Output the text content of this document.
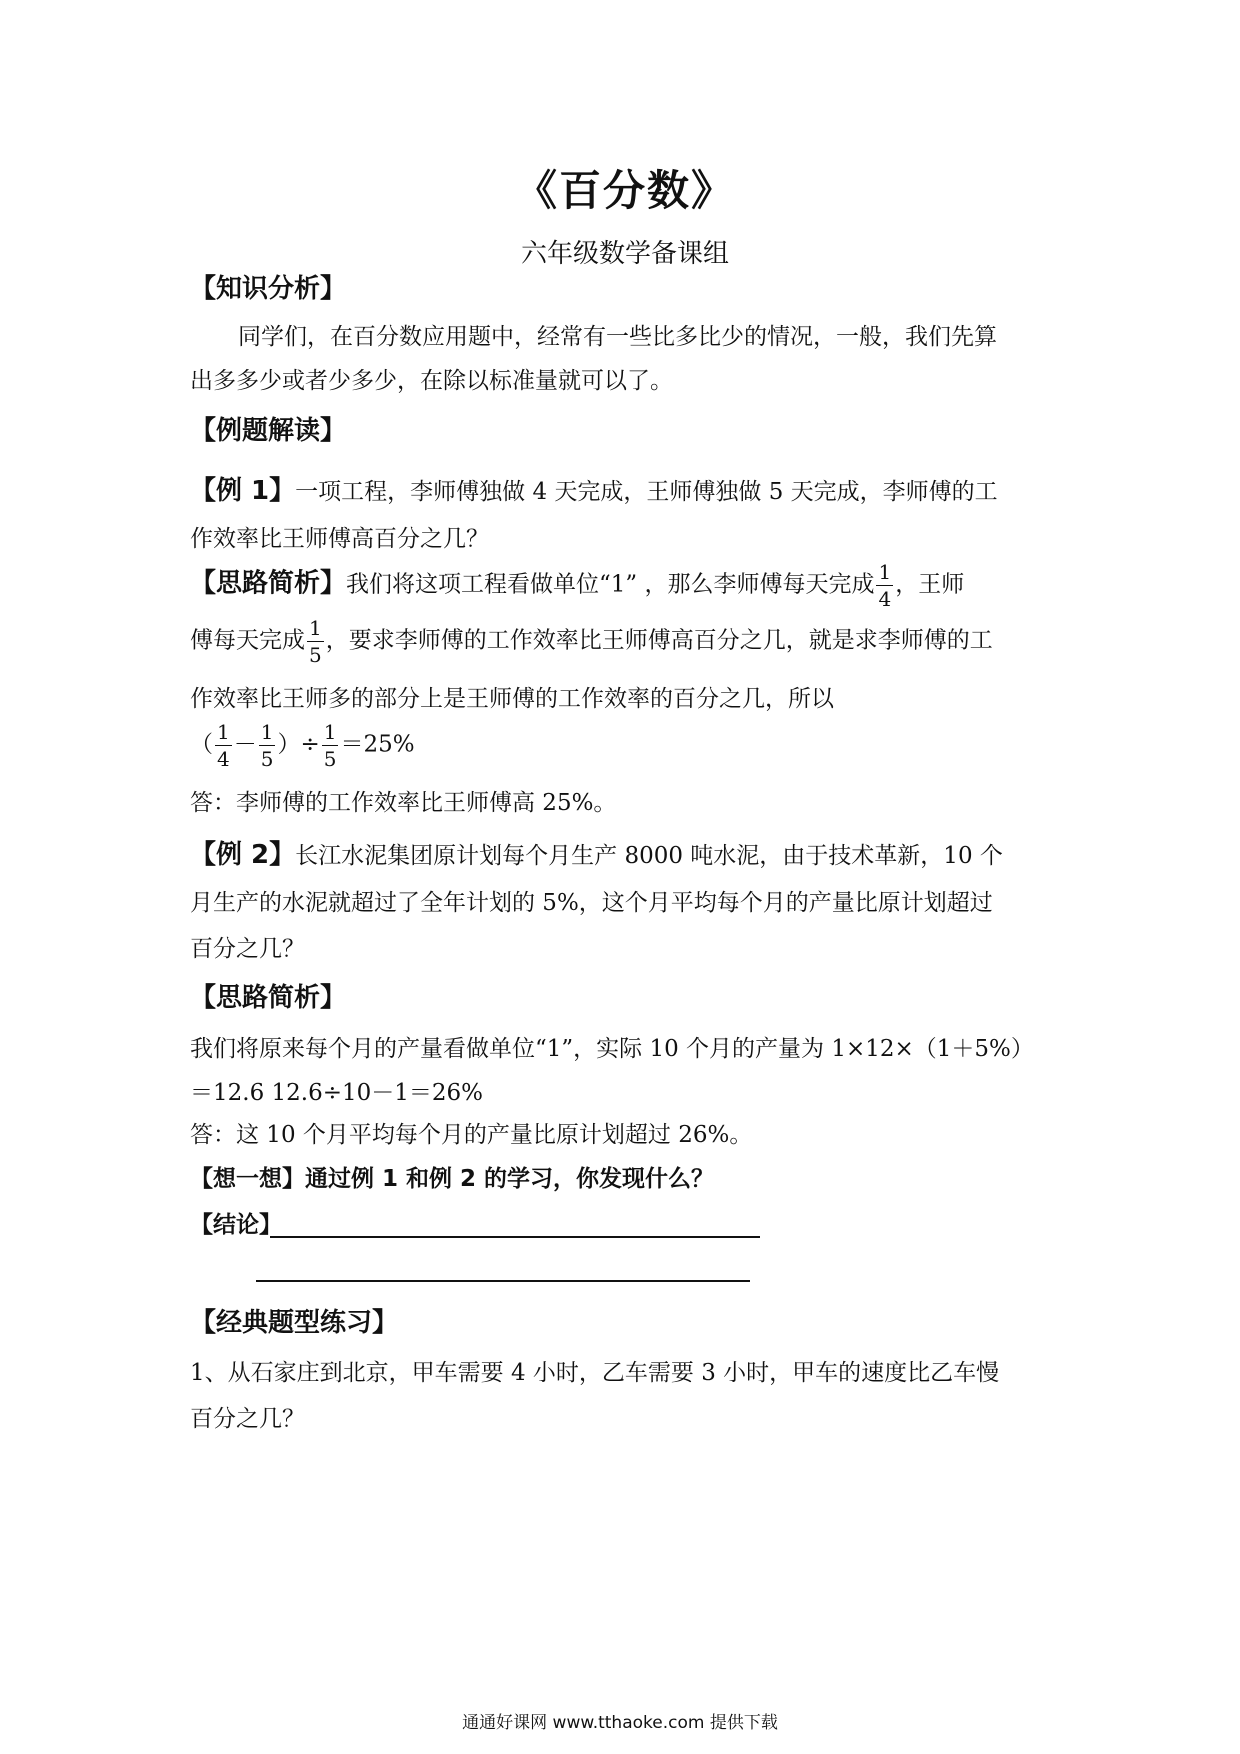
《百分数》
六年级数学备课组
【知识分析】
同学们，在百分数应用题中，经常有一些比多比少的情况，一般，我们先算
出多多少或者少多少，在除以标准量就可以了。
【例题解读】
【例 1】一项工程，李师傅独做 4 天完成，王师傅独做 5 天完成，李师傅的工
作效率比王师傅高百分之几？
【思路简析】我们将这项工程看做单位“1” ，那么李师傅每天完成 $\frac{1}{4}$ ，王师
傅每天完成 $\frac{1}{5}$ ，要求李师傅的工作效率比王师傅高百分之几，就是求李师傅的工
作效率比王师多的部分上是王师傅的工作效率的百分之几，所以
（ $\frac{1}{4} - \frac{1}{5}$ ）÷ $\frac{1}{5} =25\%$
答：李师傅的工作效率比王师傅高 25%。
【例 2】长江水泥集团原计划每个月生产 8000 吨水泥，由于技术革新，10 个
月生产的水泥就超过了全年计划的 5%，这个月平均每个月的产量比原计划超过
百分之几？
【思路简析】
我们将原来每个月的产量看做单位“1”，实际 10 个月的产量为 1×12×（1＋5%）
＝12.6 12.6÷10－1＝26%
答：这 10 个月平均每个月的产量比原计划超过 26%。
【想一想】通过例 1 和例 2 的学习，你发现什么？
【结论】
【经典题型练习】
1、从石家庄到北京，甲车需要 4 小时，乙车需要 3 小时，甲车的速度比乙车慢
百分之几？
通通好课网 www.tthaoke.com 提供下载
